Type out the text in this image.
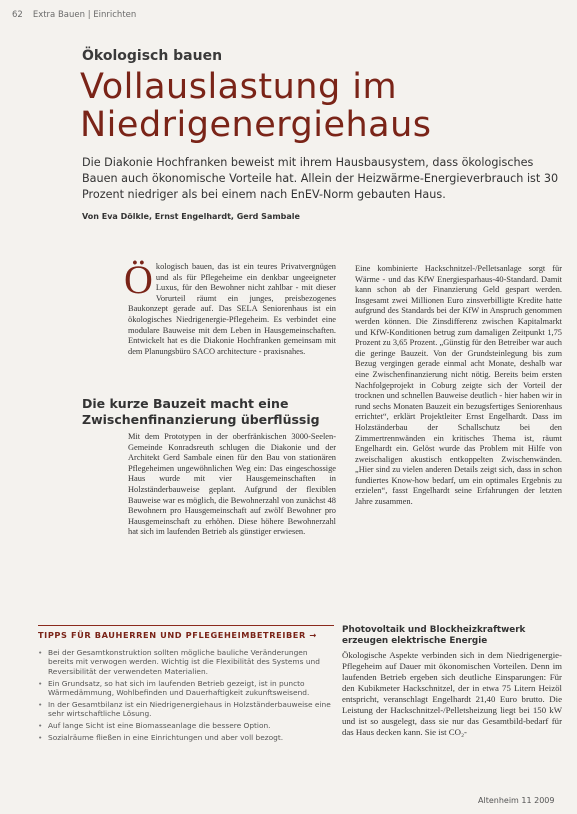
62 Extra Bauen | Einrichten
Ökologisch bauen
Vollauslastung im Niedrigenergiehaus
Die Diakonie Hochfranken beweist mit ihrem Hausbausystem, dass ökologisches Bauen auch ökonomische Vorteile hat. Allein der Heizwärme-Energieverbrauch ist 30 Prozent niedriger als bei einem nach EnEV-Norm gebauten Haus.
Von Eva Dölkle, Ernst Engelhardt, Gerd Sambale
Ökologisch bauen, das ist ein teures Privatvergnügen und als für Pflegeheime ein denkbar ungeeigneter Luxus, für den Bewohner nicht zahlbar - mit dieser Vorurteil räumt ein junges, preisbezogenes Baukonzept gerade auf. Das SELA Seniorenhaus ist ein ökologisches Niedrigenergie-Pflegeheim. Es verbindet eine modulare Bauweise mit dem Leben in Hausgemeinschaften. Entwickelt hat es die Diakonie Hochfranken gemeinsam mit dem Planungsbüro SACO architecture - praxisnahes.
Die kurze Bauzeit macht eine Zwischenfinanzierung überflüssig
Mit dem Prototypen in der oberfränkischen 3000-Seelen-Gemeinde Konradsreuth schlugen die Diakonie und der Architekt Gerd Sambale einen für den Bau von stationären Pflegeheimen ungewöhnlichen Weg ein: Das eingeschossige Haus wurde mit vier Hausgemeinschaften in Holzständerbauweise geplant. Aufgrund der flexiblen Bauweise war es möglich, die Bewohnerzahl von zunächst 48 Bewohnern pro Hausgemeinschaft auf zwölf Bewohner pro Hausgemeinschaft zu erhöhen. Diese höhere Bewohnerzahl hat sich im laufenden Betrieb als günstiger erwiesen.
Eine kombinierte Hackschnitzel-/Pelletsanlage sorgt für Wärme - und das KfW Energiesparhaus-40-Standard. Damit kann schon ab der Finanzierung Geld gespart werden. Insgesamt zwei Millionen Euro zinsverbilligte Kredite hatte aufgrund des Standards bei der KfW in Anspruch genommen werden können. Die Zinsdifferenz zwischen Kapitalmarkt und KfW-Konditionen betrug zum damaligen Zeitpunkt 1,75 Prozent zu 3,65 Prozent. „Günstig für den Betreiber war auch die geringe Bauzeit. Von der Grundsteinlegung bis zum Bezug vergingen gerade einmal acht Monate, deshalb war eine Zwischenfinanzierung nicht nötig. Bereits beim ersten Nachfolgeprojekt in Coburg zeigte sich der Vorteil der trocknen und schnellen Bauweise deutlich - hier haben wir in rund sechs Monaten Bauzeit ein bezugsfertiges Seniorenhaus errichtet“, erklärt Projektleiter Ernst Engelhardt. Dass im Holzständerbau der Schallschutz bei den Zimmertrennwänden ein kritisches Thema ist, räumt Engelhardt ein. Gelöst wurde das Problem mit Hilfe von zweischaligen akustisch entkoppelten Zwischenwänden. „Hier sind zu vielen anderen Details zeigt sich, dass in schon fundiertes Know-how bedarf, um ein optimales Ergebnis zu erzielen“, fasst Engelhardt seine Erfahrungen der letzten Jahre zusammen.
TIPPS FÜR BAUHERREN UND PFLEGEHEIMBETREIBER →
• Bei der Gesamtkonstruktion sollten mögliche bauliche Veränderungen bereits mit verwogen werden. Wichtig ist die Flexibilität des Systems und Reversibilität der verwendeten Materialien.
• Ein Grundsatz, so hat sich im laufenden Betrieb gezeigt, ist in puncto Wärmedämmung, Wohlbefinden und Dauerhaftigkeit zukunftsweisend.
• In der Gesamtbilanz ist ein Niedrigenergiehaus in Holzständerbauweise eine sehr wirtschaftliche Lösung.
• Auf lange Sicht ist eine Biomasseanlage die bessere Option.
• Sozialräume fließen in eine Einrichtungen und aber voll bezogt.
Photovoltaik und Blockheizkraftwerk erzeugen elektrische Energie
Ökologische Aspekte verbinden sich in dem Niedrigenergie-Pflegeheim auf Dauer mit ökonomischen Vorteilen. Denn im laufenden Betrieb ergeben sich deutliche Einsparungen: Für den Kubikmeter Hackschnitzel, der in etwa 75 Litern Heizöl entspricht, veranschlagt Engelhardt 21,40 Euro brutto. Die Leistung der Hackschnitzel-/Pelletsheizung liegt bei 150 kW und ist so ausgelegt, dass sie nur das Gesamtbild-bedarf für das Haus decken kann. Sie ist CO₂-
Altenheim 11 2009
